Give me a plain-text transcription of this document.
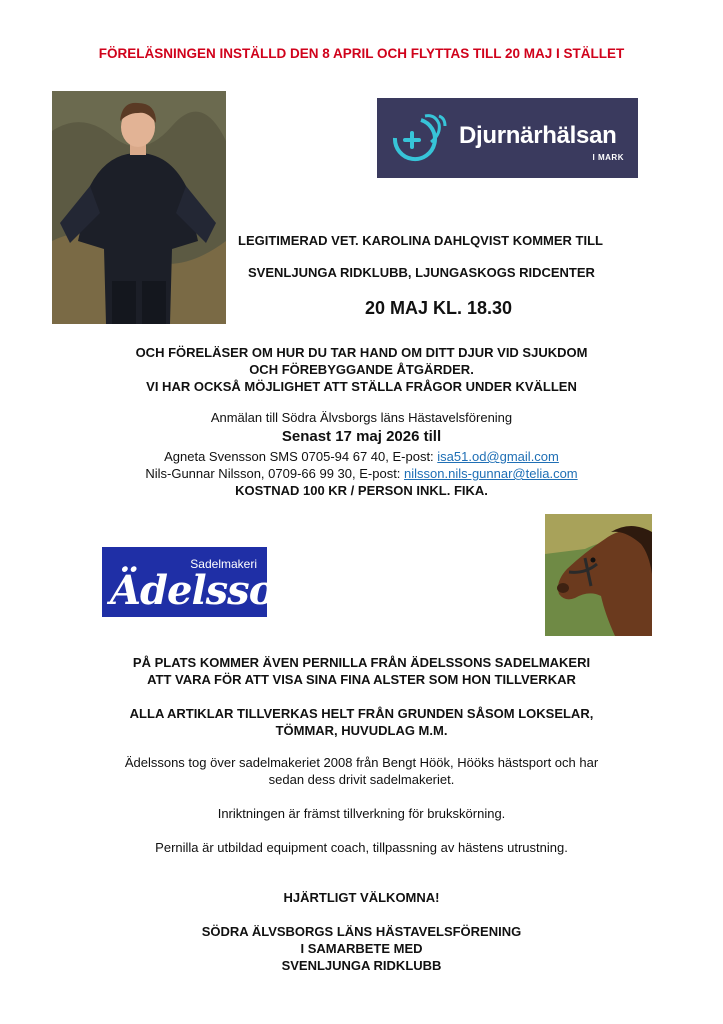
FÖRELÄSNINGEN INSTÄLLD DEN 8 APRIL OCH FLYTTAS TILL 20 MAJ I STÄLLET
Djurnärhälsan
I MARK
LEGITIMERAD VET. KAROLINA DAHLQVIST KOMMER TILL
SVENLJUNGA RIDKLUBB, LJUNGASKOGS RIDCENTER
20 MAJ KL. 18.30
OCH FÖRELÄSER OM HUR DU TAR HAND OM DITT DJUR VID SJUKDOM
OCH FÖREBYGGANDE ÅTGÄRDER.
VI HAR OCKSÅ MÖJLIGHET ATT STÄLLA FRÅGOR UNDER KVÄLLEN
Anmälan till Södra Älvsborgs läns Hästavelsförening
Senast 17 maj 2026 till
Agneta Svensson SMS 0705-94 67 40, E-post: isa51.od@gmail.com
Nils-Gunnar Nilsson, 0709-66 99 30, E-post: nilsson.nils-gunnar@telia.com
KOSTNAD 100 KR / PERSON INKL. FIKA.
Sadelmakeri
Ädelssons
PÅ PLATS KOMMER ÄVEN PERNILLA FRÅN ÄDELSSONS SADELMAKERI
ATT VARA FÖR ATT VISA SINA FINA ALSTER SOM HON TILLVERKAR
ALLA ARTIKLAR TILLVERKAS HELT FRÅN GRUNDEN SÅSOM LOKSELAR,
TÖMMAR, HUVUDLAG M.M.
Ädelssons tog över sadelmakeriet 2008 från Bengt Höök, Hööks hästsport och har
sedan dess drivit sadelmakeriet.
Inriktningen är främst tillverkning för brukskörning.
Pernilla är utbildad equipment coach, tillpassning av hästens utrustning.
HJÄRTLIGT VÄLKOMNA!
SÖDRA ÄLVSBORGS LÄNS HÄSTAVELSFÖRENING
I SAMARBETE MED
SVENLJUNGA RIDKLUBB
